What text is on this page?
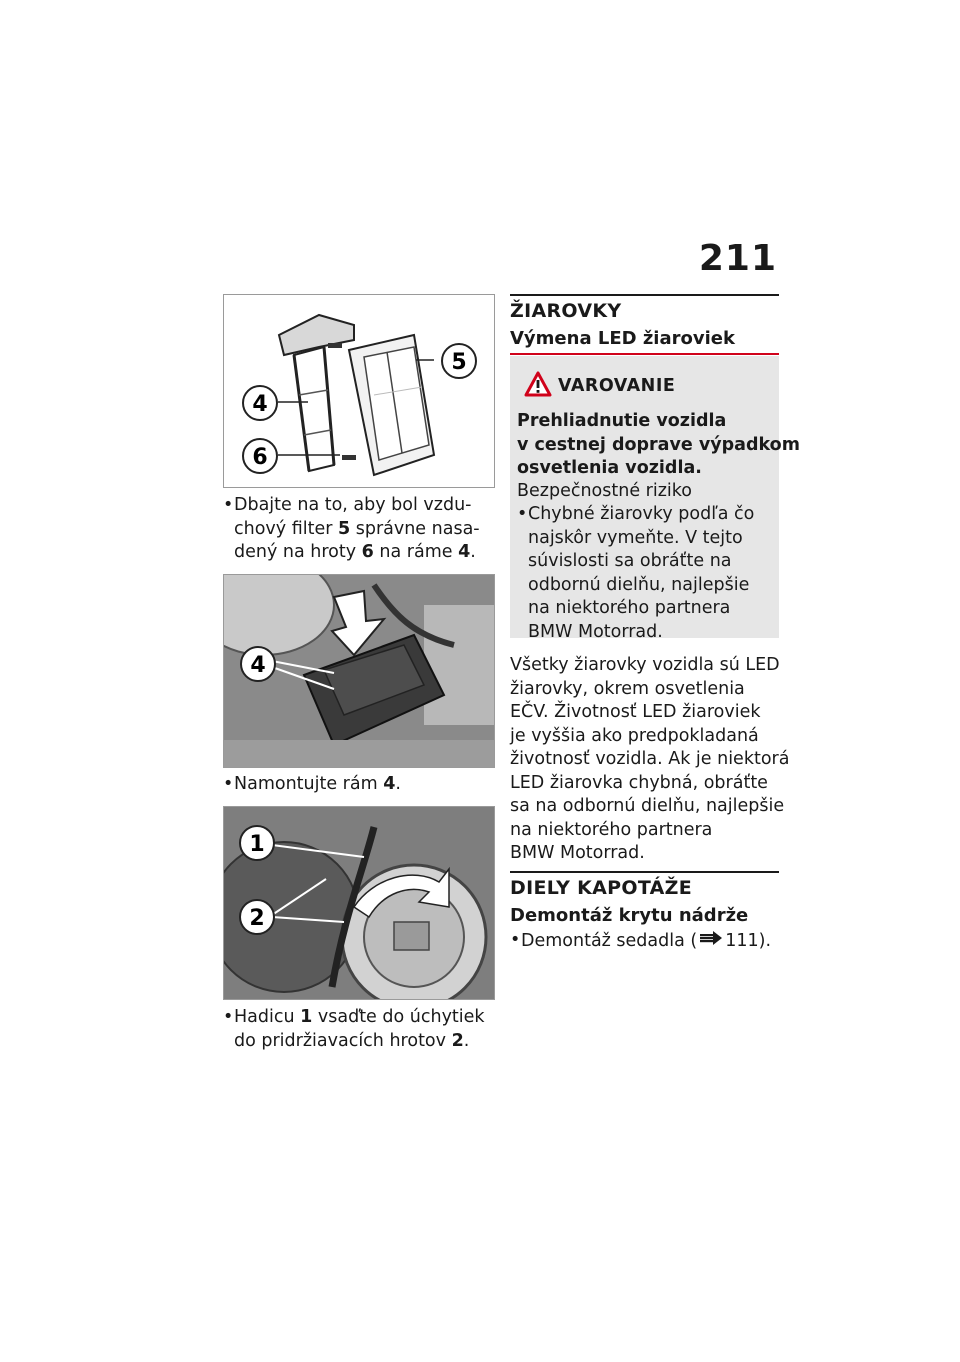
211
4
6
5
• Dbajte na to, aby bol vzdu-
chový filter 5 správne nasa-
dený na hroty 6 na ráme 4.
4
• Namontujte rám 4.
1
2
• Hadicu 1 vsaďte do úchytiek
do pridržiavacích hrotov 2.
ŽIAROVKY
Výmena LED žiaroviek
VAROVANIE
Prehliadnutie vozidla
v cestnej doprave výpadkom
osvetlenia vozidla.
Bezpečnostné riziko
• Chybné žiarovky podľa čo
najskôr vymeňte. V tejto
súvislosti sa obráťte na
odbornú dielňu, najlepšie
na niektorého partnera
BMW Motorrad.
Všetky žiarovky vozidla sú LED
žiarovky, okrem osvetlenia
EČV. Životnosť LED žiaroviek
je vyššia ako predpokladaná
životnosť vozidla. Ak je niektorá
LED žiarovka chybná, obráťte
sa na odbornú dielňu, najlepšie
na niektorého partnera
BMW Motorrad.
DIELY KAPOTÁŽE
Demontáž krytu nádrže
• Demontáž sedadla ( 111).
